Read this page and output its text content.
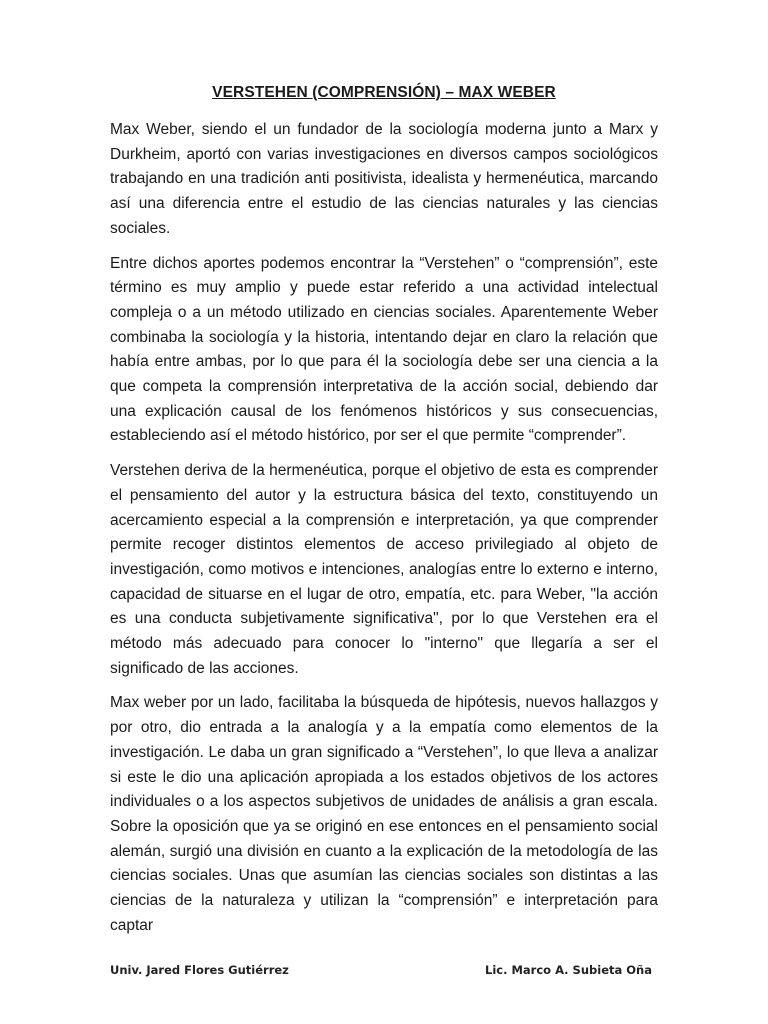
VERSTEHEN (COMPRENSIÓN) – MAX WEBER

Max Weber, siendo el un fundador de la sociología moderna junto a Marx y Durkheim, aportó con varias investigaciones en diversos campos sociológicos trabajando en una tradición anti positivista, idealista y hermenéutica, marcando así una diferencia entre el estudio de las ciencias naturales y las ciencias sociales.

Entre dichos aportes podemos encontrar la “Verstehen” o “comprensión”, este término es muy amplio y puede estar referido a una actividad intelectual compleja o a un método utilizado en ciencias sociales. Aparentemente Weber combinaba la sociología y la historia, intentando dejar en claro la relación que había entre ambas, por lo que para él la sociología debe ser una ciencia a la que competa la comprensión interpretativa de la acción social, debiendo dar una explicación causal de los fenómenos históricos y sus consecuencias, estableciendo así el método histórico, por ser el que permite “comprender”.

Verstehen deriva de la hermenéutica, porque el objetivo de esta es comprender el pensamiento del autor y la estructura básica del texto, constituyendo un acercamiento especial a la comprensión e interpretación, ya que comprender permite recoger distintos elementos de acceso privilegiado al objeto de investigación, como motivos e intenciones, analogías entre lo externo e interno, capacidad de situarse en el lugar de otro, empatía, etc. para Weber, "la acción es una conducta subjetivamente significativa", por lo que Verstehen era el método más adecuado para conocer lo "interno" que llegaría a ser el significado de las acciones.

Max weber por un lado, facilitaba la búsqueda de hipótesis, nuevos hallazgos y por otro, dio entrada a la analogía y a la empatía como elementos de la investigación. Le daba un gran significado a “Verstehen”, lo que lleva a analizar si este le dio una aplicación apropiada a los estados objetivos de los actores individuales o a los aspectos subjetivos de unidades de análisis a gran escala. Sobre la oposición que ya se originó en ese entonces en el pensamiento social alemán, surgió una división en cuanto a la explicación de la metodología de las ciencias sociales. Unas que asumían las ciencias sociales son distintas a las ciencias de la naturaleza y utilizan la “comprensión” e interpretación para captar

Univ. Jared Flores Gutiérrez	Lic. Marco A. Subieta Oña
